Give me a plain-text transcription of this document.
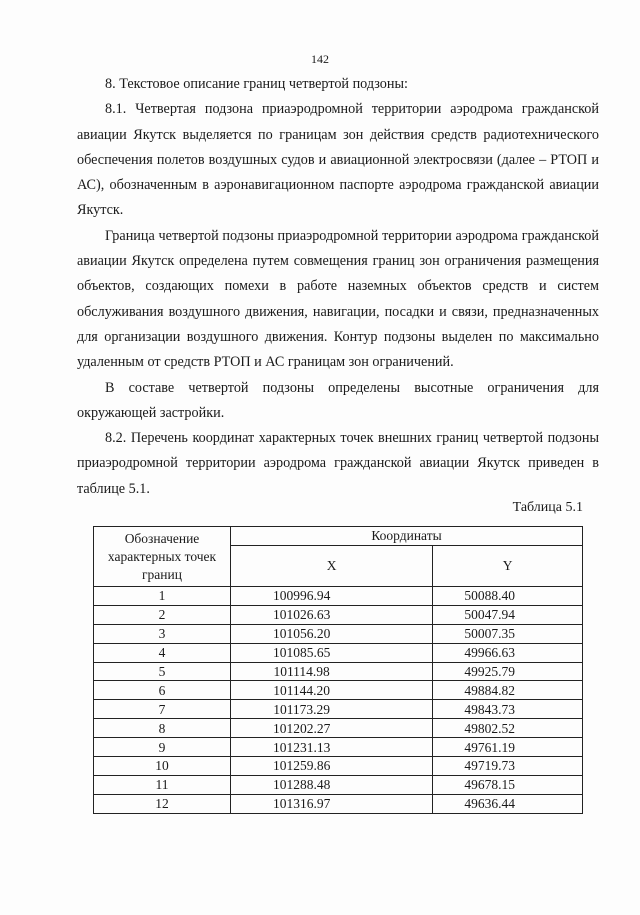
142

8. Текстовое описание границ четвертой подзоны:

8.1. Четвертая подзона приаэродромной территории аэродрома гражданской авиации Якутск выделяется по границам зон действия средств радиотехнического обеспечения полетов воздушных судов и авиационной электросвязи (далее – РТОП и АС), обозначенным в аэронавигационном паспорте аэродрома гражданской авиации Якутск.

Граница четвертой подзоны приаэродромной территории аэродрома гражданской авиации Якутск определена путем совмещения границ зон ограничения размещения объектов, создающих помехи в работе наземных объектов средств и систем обслуживания воздушного движения, навигации, посадки и связи, предназначенных для организации воздушного движения. Контур подзоны выделен по максимально удаленным от средств РТОП и АС границам зон ограничений.

В составе четвертой подзоны определены высотные ограничения для окружающей застройки.

8.2. Перечень координат характерных точек внешних границ четвертой подзоны приаэродромной территории аэродрома гражданской авиации Якутск приведен в таблице 5.1.

Таблица 5.1
Обозначение характерных точек границ	Координаты	
	X	Y
1	100996.94	50088.40
2	101026.63	50047.94
3	101056.20	50007.35
4	101085.65	49966.63
5	101114.98	49925.79
6	101144.20	49884.82
7	101173.29	49843.73
8	101202.27	49802.52
9	101231.13	49761.19
10	101259.86	49719.73
11	101288.48	49678.15
12	101316.97	49636.44
